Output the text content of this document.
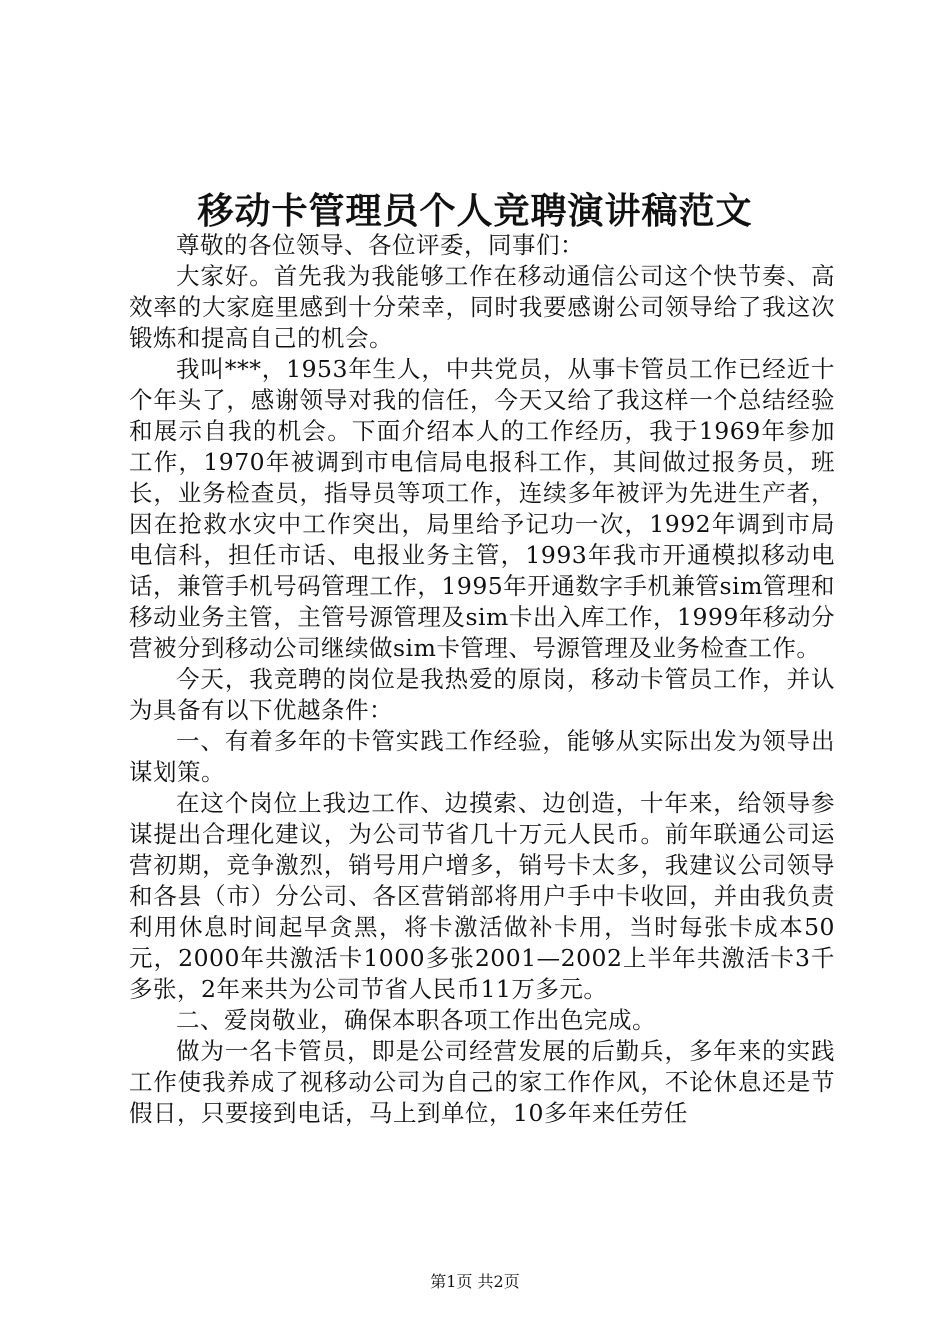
移动卡管理员个人竞聘演讲稿范文

尊敬的各位领导、各位评委，同事们：

大家好。首先我为我能够工作在移动通信公司这个快节奏、高效率的大家庭里感到十分荣幸，同时我要感谢公司领导给了我这次锻炼和提高自己的机会。

我叫***，1953年生人，中共党员，从事卡管员工作已经近十个年头了，感谢领导对我的信任，今天又给了我这样一个总结经验和展示自我的机会。下面介绍本人的工作经历，我于1969年参加工作，1970年被调到市电信局电报科工作，其间做过报务员，班长，业务检查员，指导员等项工作，连续多年被评为先进生产者，因在抢救水灾中工作突出，局里给予记功一次，1992年调到市局电信科，担任市话、电报业务主管，1993年我市开通模拟移动电话，兼管手机号码管理工作，1995年开通数字手机兼管sim管理和移动业务主管，主管号源管理及sim卡出入库工作，1999年移动分营被分到移动公司继续做sim卡管理、号源管理及业务检查工作。

今天，我竞聘的岗位是我热爱的原岗，移动卡管员工作，并认为具备有以下优越条件：

一、有着多年的卡管实践工作经验，能够从实际出发为领导出谋划策。

在这个岗位上我边工作、边摸索、边创造，十年来，给领导参谋提出合理化建议，为公司节省几十万元人民币。前年联通公司运营初期，竞争激烈，销号用户增多，销号卡太多，我建议公司领导和各县（市）分公司、各区营销部将用户手中卡收回，并由我负责利用休息时间起早贪黑，将卡激活做补卡用，当时每张卡成本50元，2000年共激活卡1000多张2001—2002上半年共激活卡3千多张，2年来共为公司节省人民币11万多元。

二、爱岗敬业，确保本职各项工作出色完成。

做为一名卡管员，即是公司经营发展的后勤兵，多年来的实践工作使我养成了视移动公司为自己的家工作作风，不论休息还是节假日，只要接到电话，马上到单位，10多年来任劳任

第1页 共2页
